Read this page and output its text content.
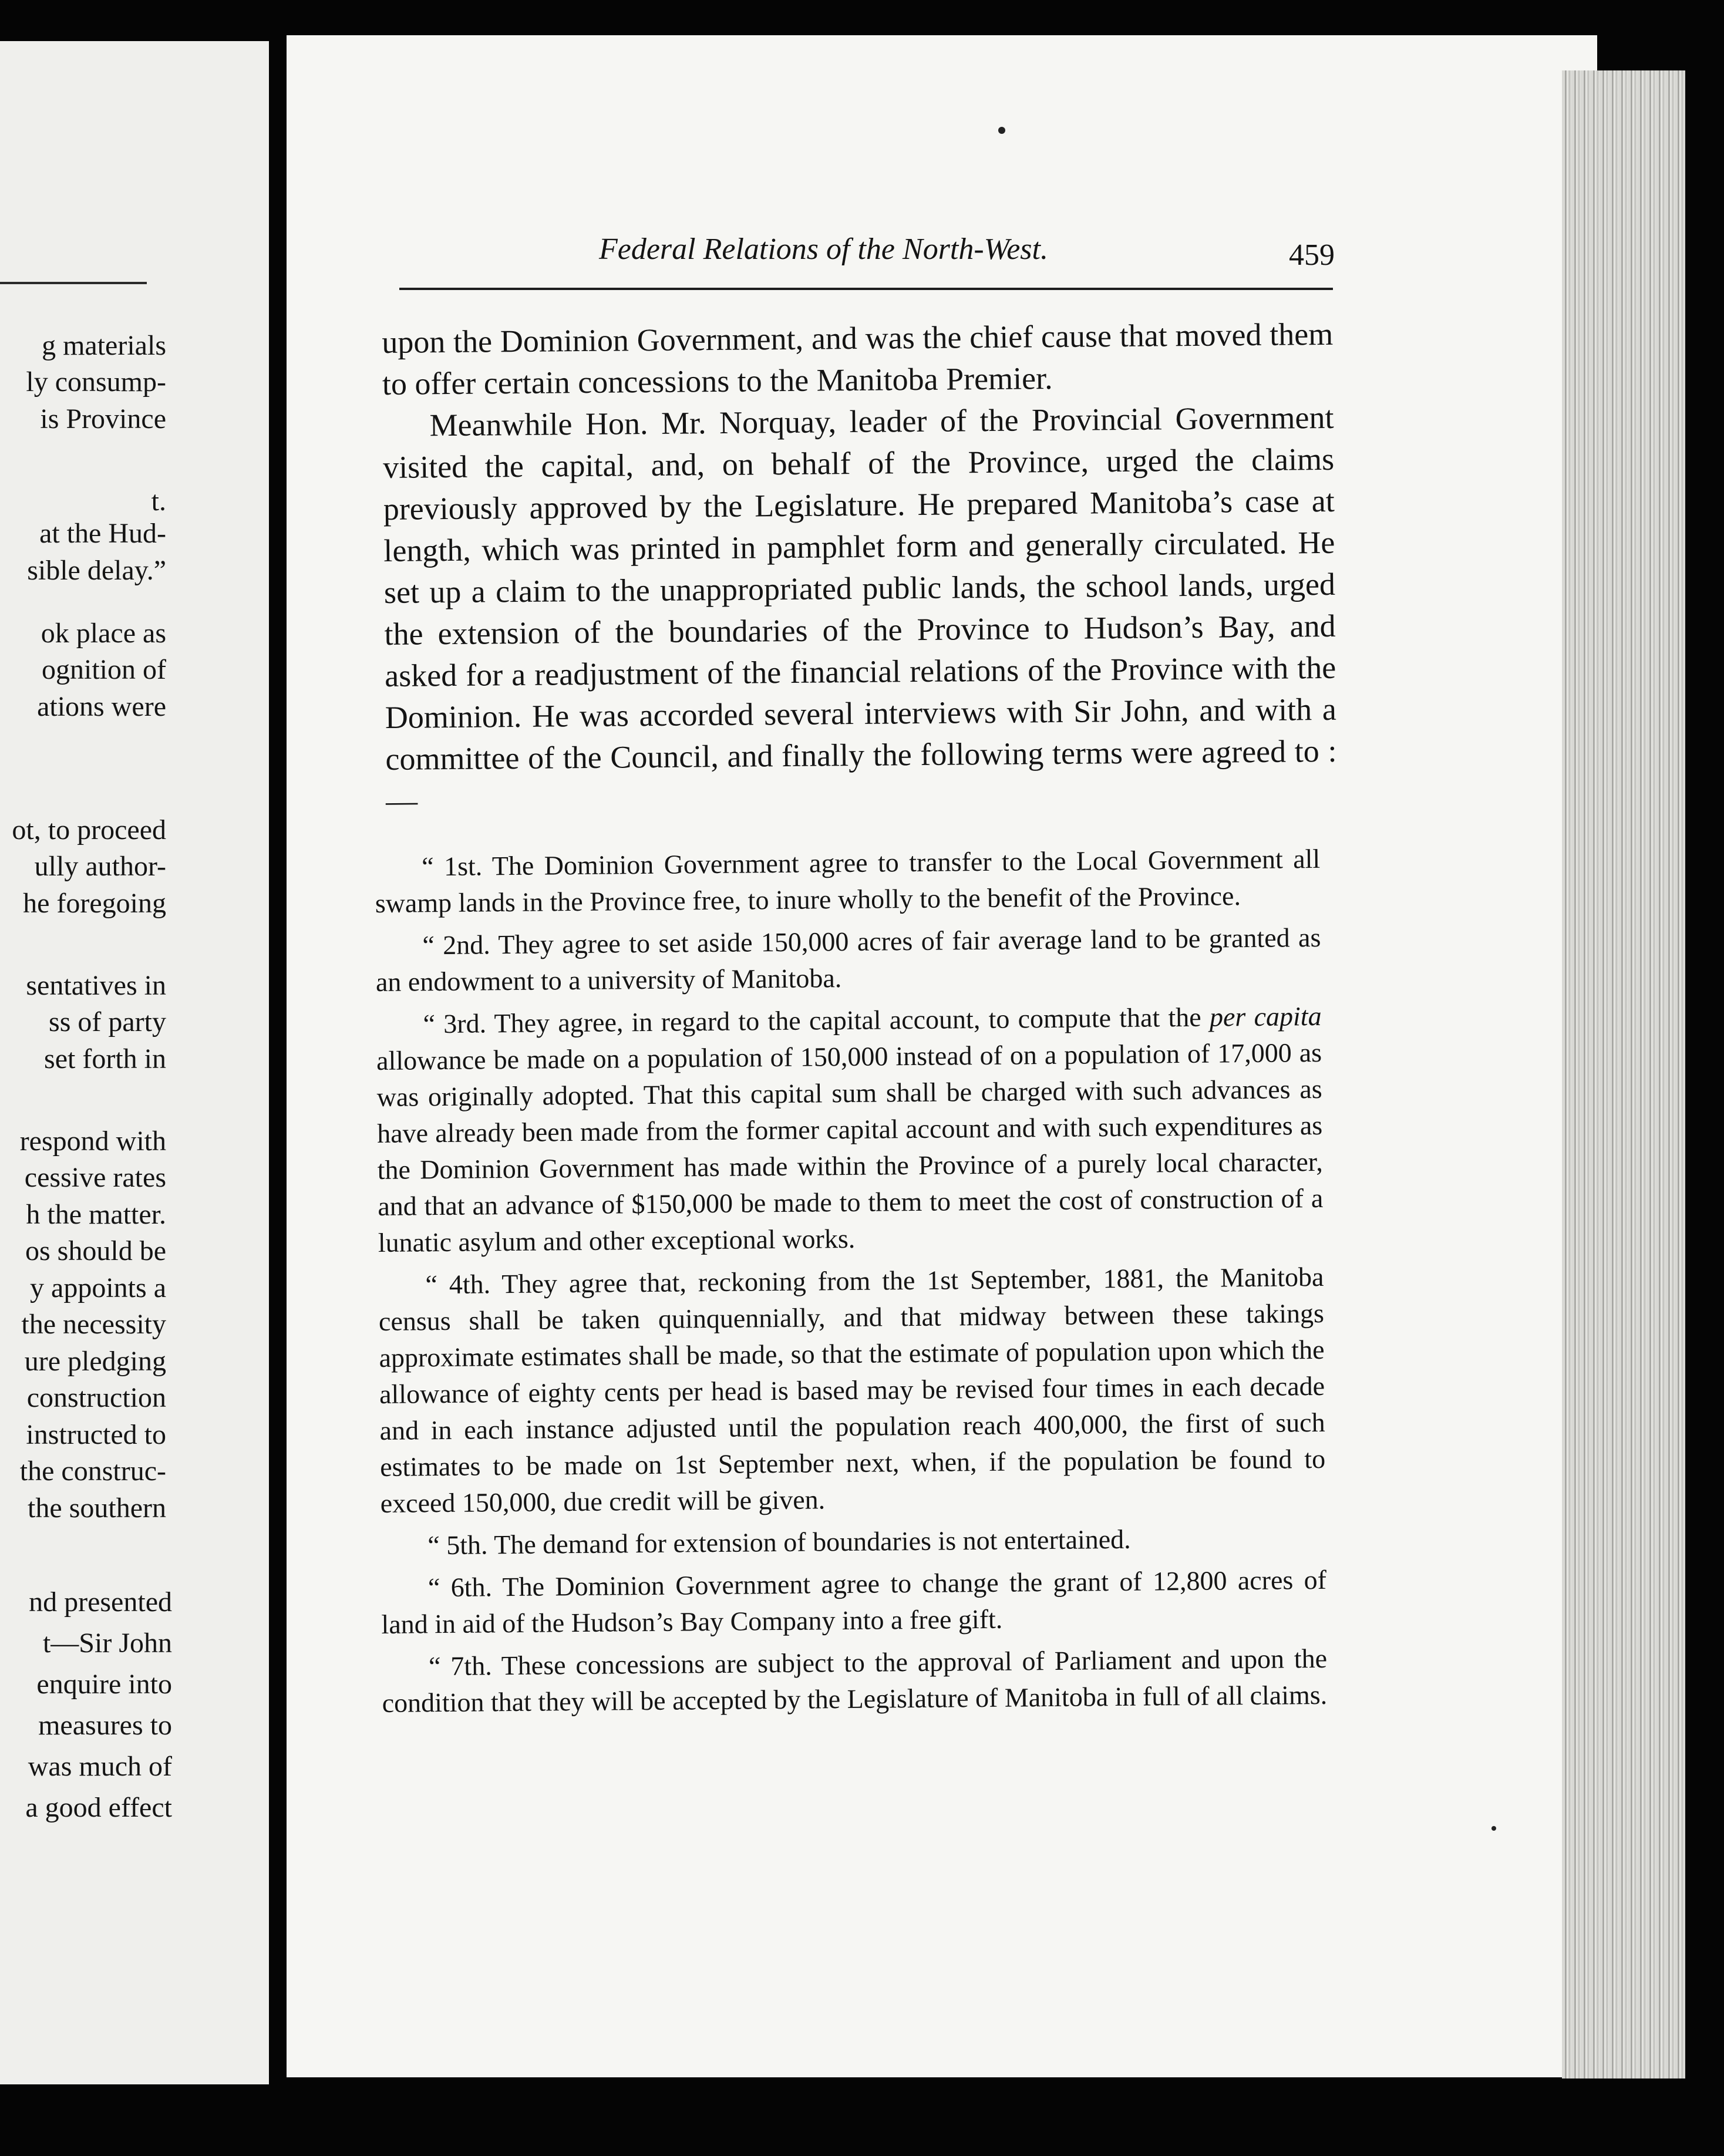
g materials
ly consump-
is Province
t.
at the Hud-
sible delay.”
ok place as
ognition of
ations were
ot, to proceed
ully author-
he foregoing
sentatives in
ss of party
set forth in
respond with
cessive rates
h the matter.
os should be
y appoints a
the necessity
ure pledging
construction
instructed to
the construc-
the southern
nd presented
t—Sir John
enquire into
measures to
was much of
a good effect
Federal Relations of the North-West.	459

upon the Dominion Government, and was the chief cause that moved them to offer certain concessions to the Manitoba Premier.

Meanwhile Hon. Mr. Norquay, leader of the Provincial Government visited the capital, and, on behalf of the Province, urged the claims previously approved by the Legislature. He prepared Manitoba’s case at length, which was printed in pamphlet form and generally circulated. He set up a claim to the unappropriated public lands, the school lands, urged the extension of the boundaries of the Province to Hudson’s Bay, and asked for a readjustment of the financial relations of the Province with the Dominion. He was accorded several interviews with Sir John, and with a committee of the Council, and finally the following terms were agreed to :—

“ 1st. The Dominion Government agree to transfer to the Local Government all swamp lands in the Province free, to inure wholly to the benefit of the Province.

“ 2nd. They agree to set aside 150,000 acres of fair average land to be granted as an endowment to a university of Manitoba.

“ 3rd. They agree, in regard to the capital account, to compute that the per capita allowance be made on a population of 150,000 instead of on a population of 17,000 as was originally adopted. That this capital sum shall be charged with such advances as have already been made from the former capital account and with such expenditures as the Dominion Government has made within the Province of a purely local character, and that an advance of $150,000 be made to them to meet the cost of construction of a lunatic asylum and other exceptional works.

“ 4th. They agree that, reckoning from the 1st September, 1881, the Manitoba census shall be taken quinquennially, and that midway between these takings approximate estimates shall be made, so that the estimate of population upon which the allowance of eighty cents per head is based may be revised four times in each decade and in each instance adjusted until the population reach 400,000, the first of such estimates to be made on 1st September next, when, if the population be found to exceed 150,000, due credit will be given.

“ 5th. The demand for extension of boundaries is not entertained.

“ 6th. The Dominion Government agree to change the grant of 12,800 acres of land in aid of the Hudson’s Bay Company into a free gift.

“ 7th. These concessions are subject to the approval of Parliament and upon the condition that they will be accepted by the Legislature of Manitoba in full of all claims.
